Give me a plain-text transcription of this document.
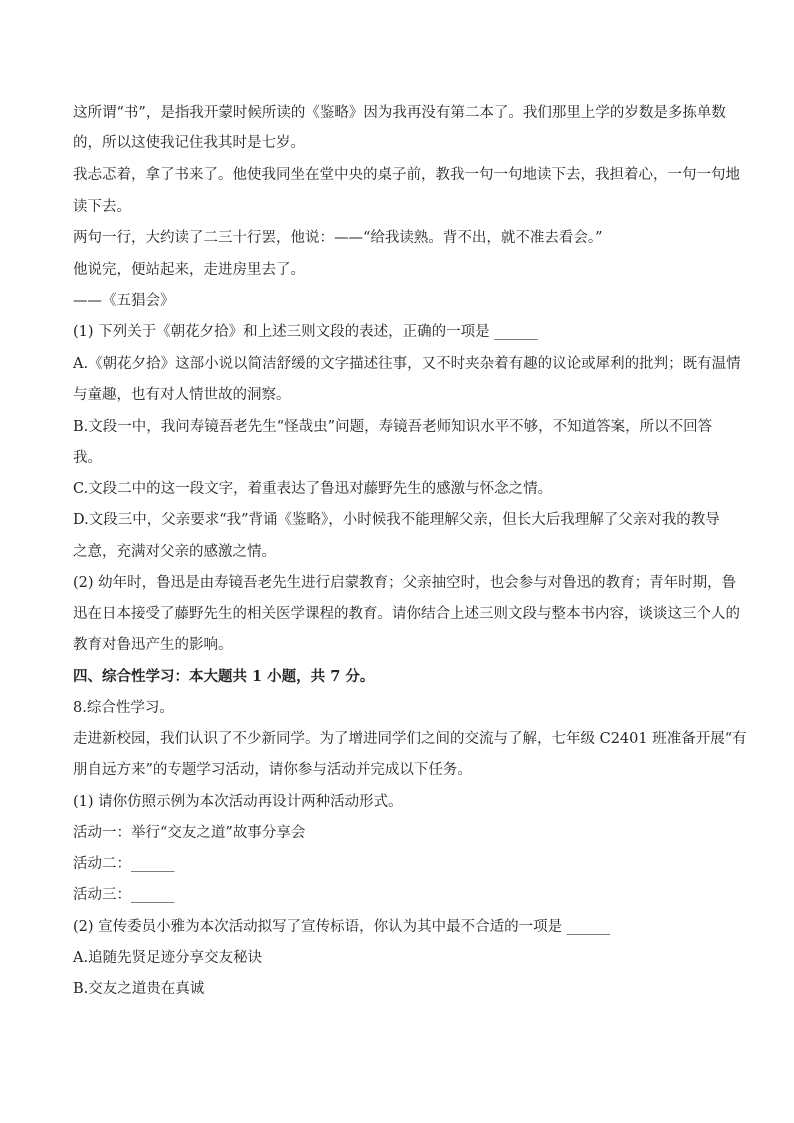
这所谓“书”，是指我开蒙时候所读的《鉴略》因为我再没有第二本了。我们那里上学的岁数是多拣单数
的，所以这使我记住我其时是七岁。
我忐忑着，拿了书来了。他使我同坐在堂中央的桌子前，教我一句一句地读下去，我担着心，一句一句地
读下去。
两句一行，大约读了二三十行罢，他说：——“给我读熟。背不出，就不准去看会。”
他说完，便站起来，走进房里去了。
——《五猖会》
(1) 下列关于《朝花夕拾》和上述三则文段的表述，正确的一项是 ______
A.《朝花夕拾》这部小说以简洁舒缓的文字描述往事，又不时夹杂着有趣的议论或犀利的批判；既有温情
与童趣，也有对人情世故的洞察。
B.文段一中，我问寿镜吾老先生“怪哉虫”问题，寿镜吾老师知识水平不够，不知道答案，所以不回答
我。
C.文段二中的这一段文字，着重表达了鲁迅对藤野先生的感激与怀念之情。
D.文段三中，父亲要求“我”背诵《鉴略》，小时候我不能理解父亲，但长大后我理解了父亲对我的教导
之意，充满对父亲的感激之情。
(2) 幼年时，鲁迅是由寿镜吾老先生进行启蒙教育；父亲抽空时，也会参与对鲁迅的教育；青年时期，鲁
迅在日本接受了藤野先生的相关医学课程的教育。请你结合上述三则文段与整本书内容，谈谈这三个人的
教育对鲁迅产生的影响。
四、综合性学习：本大题共 1 小题，共 7 分。
8.综合性学习。
走进新校园，我们认识了不少新同学。为了增进同学们之间的交流与了解，七年级 C2401 班准备开展“有
朋自远方来”的专题学习活动，请你参与活动并完成以下任务。
(1) 请你仿照示例为本次活动再设计两种活动形式。
活动一：举行“交友之道”故事分享会
活动二：______
活动三：______
(2) 宣传委员小雅为本次活动拟写了宣传标语，你认为其中最不合适的一项是 ______
A.追随先贤足迹分享交友秘诀
B.交友之道贵在真诚
